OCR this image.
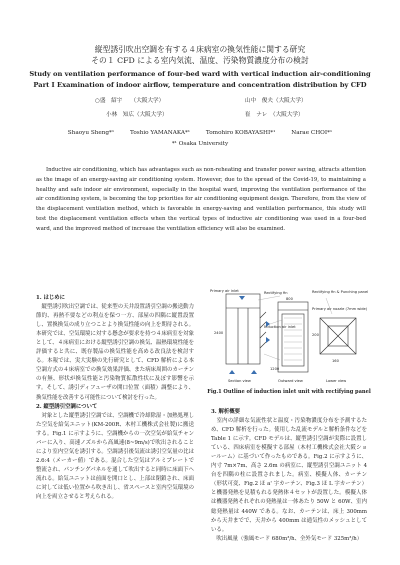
縦型誘引吹出空調を有する４床病室の換気性能に関する研究
その１ CFD による室内気流、温度、汚染物質濃度分布の検討
Study on ventilation performance of four-bed ward with vertical induction air-conditioning
Part I Examination of indoor airflow, temperature and concentration distribution by CFD
○盛　紹宇　　 （大阪大学）	山中　俊夫（大阪大学）
小林　知広（大阪大学）	崔　ナレ　（大阪大学）
Shaoyu Sheng*¹	Toshio YAMANAKA*¹	Tomohiro KOBAYASHI*¹	Narae CHOI*¹
*¹ Osaka University

Inductive air conditioning, which has advantages such as non-reheating and transfer power saving, attracts attention as the image of an energy-saving air conditioning system. However, due to the spread of the Covid-19, to maintaining a healthy and safe indoor air environment, especially in the hospital ward, improving the ventilation performance of the air conditioning system, is becoming the top priorities for air conditioning equipment design. Therefore, from the view of the displacement ventilation method, which is favorable in energy-saving and ventilation performance, this study will test the displacement ventilation effects when the vertical types of inductive air conditioning was used in a four-bed ward, and the improved method of increase the ventilation efficiency will also be examined.

1. はじめに

　縦型誘引吹出空調では、従来型の天井設置誘引空調の搬送動力節約、再熱不要などの利点を保つ一方、部屋の四隅に縦置設置し、置換換気の成り立つことより換気性能の向上を期待される。本研究では、空気環境に対する懸念が要求を持つ４床病室を対象として、４床病室における縦型誘引空調の換気、温熱環境性能を評価すると共に、既存製品の換気性能を高める改良法を検討する。本報では、実大実験の先行研究として、CFD 解析による本空調方式の４床病室での換気効果評価、また病床周囲のカーテンの有無、形状が換気性能と汚染物質拡散性状に及ぼす影響を示す。そして、誘引ディフューザの開口位置（面積）調整により、換気性能を改善する可能性について検討を行った。

2. 縦型誘引空調について

　対象とした縦型誘引空調では、空調機で冷却除湿・加熱処理した空気を給気ユニット(KM-200R、木村工機株式会社製)に搬送する。Fig.1 に示すように、空調機からの一次空気が給気チャンバーに入り、高速ノズルから高風速(8~9m/s)で吹出されることにより室内空気を誘引する。空調誘引後気流は誘引空気量の比は2.6:4（メーカー値）である。混合した空気はアルミプレートで整流され、パンチングパネルを通して吹出すると同時に床面下へ流れる。給気ユニットは前面を開口とし、上部は閉鎖され、床面に対しては低い位置から吹き出し、省スペースと室内空気環境の向上を両立させると考えられる。

Primary air inlet	Rectifying fin
Induction air inlet
Rectifying fin & Punching panel
Primary air nozzle (7mm wide)
Section view	Outward view	Lower view
2400
800
160
200
1200
Fig.1 Outline of induction inlet unit with rectifying panel
3. 解析概要

　室内の詳細な気流性状と温度・汚染物濃度分布を予測するため、CFD 解析を行った。使用した乱流モデルと解析条件などを Table 1 に示す。CFD モデルは、縦型誘引空調が実際に設置している、四床病室を模擬する部屋（木村工機株式会社大阪ショールーム）に基づいて作ったものである。Fig.2 に示すように、内寸 7m×7m、高さ 2.6m の病室に、縦型誘引空調ユニット 4 台を四隅の柱に設置されました。病室、模擬人体、カーテン（形状可変、Fig.2 ほ a' 字カーテン、Fig.3 ほ L 字カーテン）と機器発熱を見積もれる発熱体４セットが設置した。模擬人体は機器発熱それぞれの発熱量は一体あたり 50W と 60W、室内総発熱量は 440W である。なお、カーテンは、床上 300mm から天井までで、天井から 400mm は通気性のメッシュとしている。

　吹出風量（強風モード 680m³/h、全外気モード 325m³/h）
